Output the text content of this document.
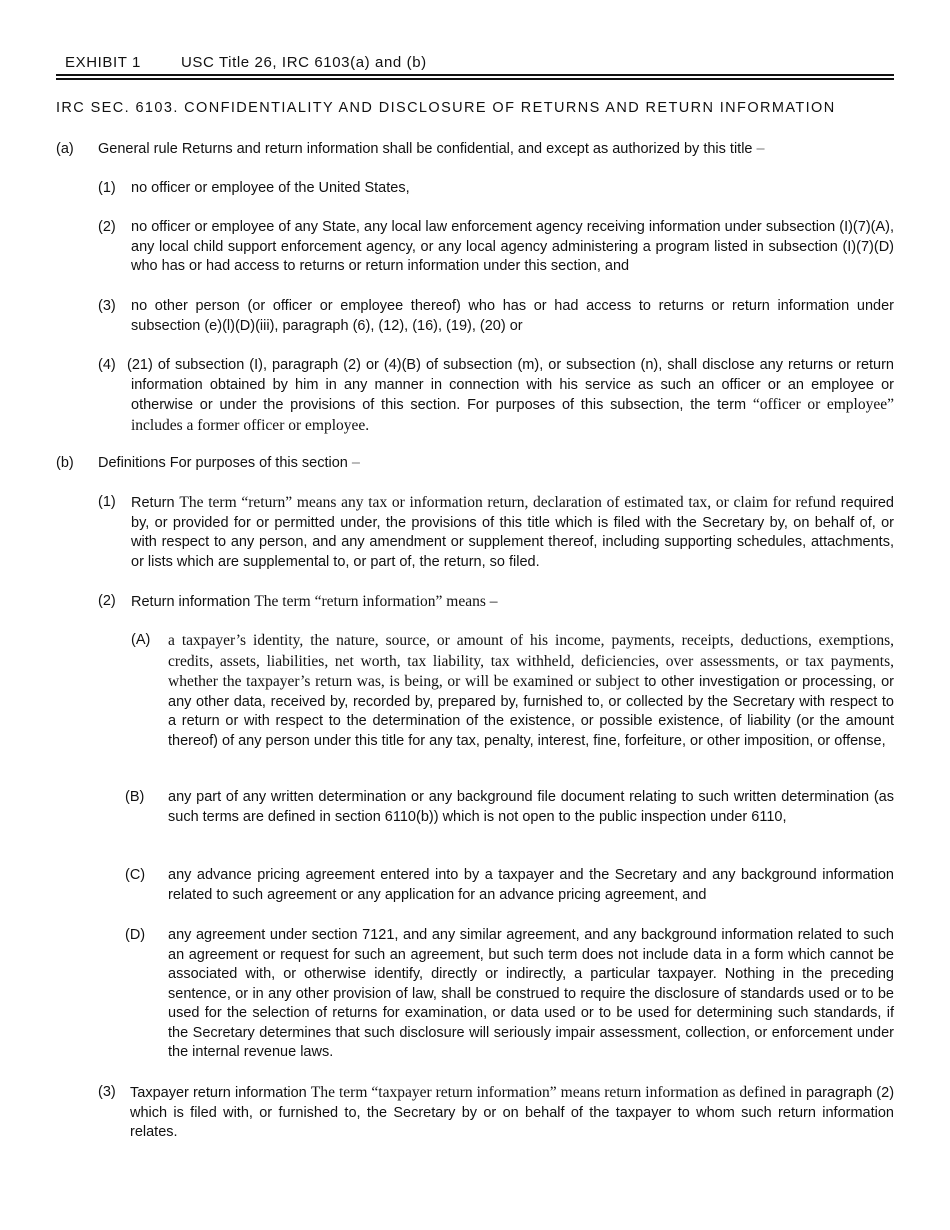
EXHIBIT 1	USC Title 26, IRC 6103(a) and (b)
IRC SEC. 6103. CONFIDENTIALITY AND DISCLOSURE OF RETURNS AND RETURN INFORMATION
(a) General rule Returns and return information shall be confidential, and except as authorized by this title –
(1) no officer or employee of the United States,
(2) no officer or employee of any State, any local law enforcement agency receiving information under subsection (I)(7)(A), any local child support enforcement agency, or any local agency administering a program listed in subsection (I)(7)(D) who has or had access to returns or return information under this section, and
(3) no other person (or officer or employee thereof) who has or had access to returns or return information under subsection (e)(l)(D)(iii), paragraph (6), (12), (16), (19), (20) or
(4) (21) of subsection (I), paragraph (2) or (4)(B) of subsection (m), or subsection (n), shall disclose any returns or return information obtained by him in any manner in connection with his service as such an officer or an employee or otherwise or under the provisions of this section. For purposes of this subsection, the term “officer or employee” includes a former officer or employee.
(b) Definitions For purposes of this section –
(1) Return The term “return” means any tax or information return, declaration of estimated tax, or claim for refund required by, or provided for or permitted under, the provisions of this title which is filed with the Secretary by, on behalf of, or with respect to any person, and any amendment or supplement thereof, including supporting schedules, attachments, or lists which are supplemental to, or part of, the return, so filed.
(2) Return information The term “return information” means –
(A) a taxpayer’s identity, the nature, source, or amount of his income, payments, receipts, deductions, exemptions, credits, assets, liabilities, net worth, tax liability, tax withheld, deficiencies, over assessments, or tax payments, whether the taxpayer’s return was, is being, or will be examined or subject to other investigation or processing, or any other data, received by, recorded by, prepared by, furnished to, or collected by the Secretary with respect to a return or with respect to the determination of the existence, or possible existence, of liability (or the amount thereof) of any person under this title for any tax, penalty, interest, fine, forfeiture, or other imposition, or offense,
(B) any part of any written determination or any background file document relating to such written determination (as such terms are defined in section 6110(b)) which is not open to the public inspection under 6110,
(C) any advance pricing agreement entered into by a taxpayer and the Secretary and any background information related to such agreement or any application for an advance pricing agreement, and
(D) any agreement under section 7121, and any similar agreement, and any background information related to such an agreement or request for such an agreement, but such term does not include data in a form which cannot be associated with, or otherwise identify, directly or indirectly, a particular taxpayer. Nothing in the preceding sentence, or in any other provision of law, shall be construed to require the disclosure of standards used or to be used for the selection of returns for examination, or data used or to be used for determining such standards, if the Secretary determines that such disclosure will seriously impair assessment, collection, or enforcement under the internal revenue laws.
(3) Taxpayer return information The term “taxpayer return information” means return information as defined in paragraph (2) which is filed with, or furnished to, the Secretary by or on behalf of the taxpayer to whom such return information relates.
